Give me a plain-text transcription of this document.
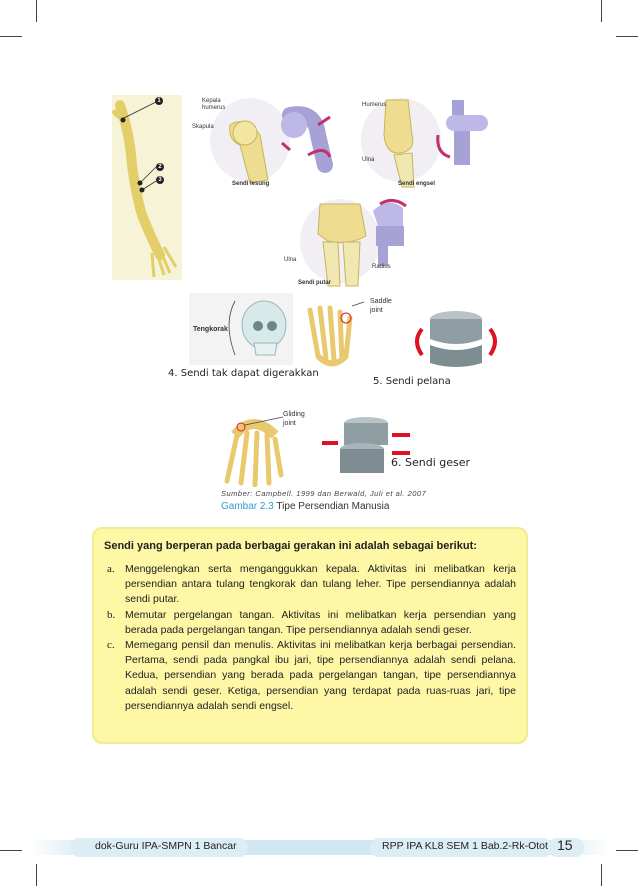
1
2
3
Kepala humerus
Skapula
Sendi lesung
Humerus
Ulna
Sendi engsel
Ulna
Radius
Sendi putar
Tengkorak
Saddle joint
4. Sendi tak dapat digerakkan
5. Sendi pelana
Gliding joint
6. Sendi geser
Sumber: Campbell. 1999 dan Berwald, Juli et al. 2007
Gambar 2.3 Tipe Persendian Manusia
Sendi yang berperan pada berbagai gerakan ini adalah sebagai berikut:
a. Menggelengkan serta menganggukkan kepala. Aktivitas ini melibatkan kerja persendian antara tulang tengkorak dan tulang leher. Tipe persendiannya adalah sendi putar.
b. Memutar pergelangan tangan. Aktivitas ini melibatkan kerja persendian yang berada pada pergelangan tangan. Tipe persendiannya adalah sendi geser.
c. Memegang pensil dan menulis. Aktivitas ini melibatkan kerja berbagai persendian. Pertama, sendi pada pangkal ibu jari, tipe persendiannya adalah sendi pelana. Kedua, persendian yang berada pada pergelangan tangan, tipe persendiannya adalah sendi geser. Ketiga, persendian yang terdapat pada ruas-ruas jari, tipe persendiannya adalah sendi engsel.
dok-Guru IPA-SMPN 1 Bancar	RPP IPA KL8 SEM 1 Bab.2-Rk-Otot 15
